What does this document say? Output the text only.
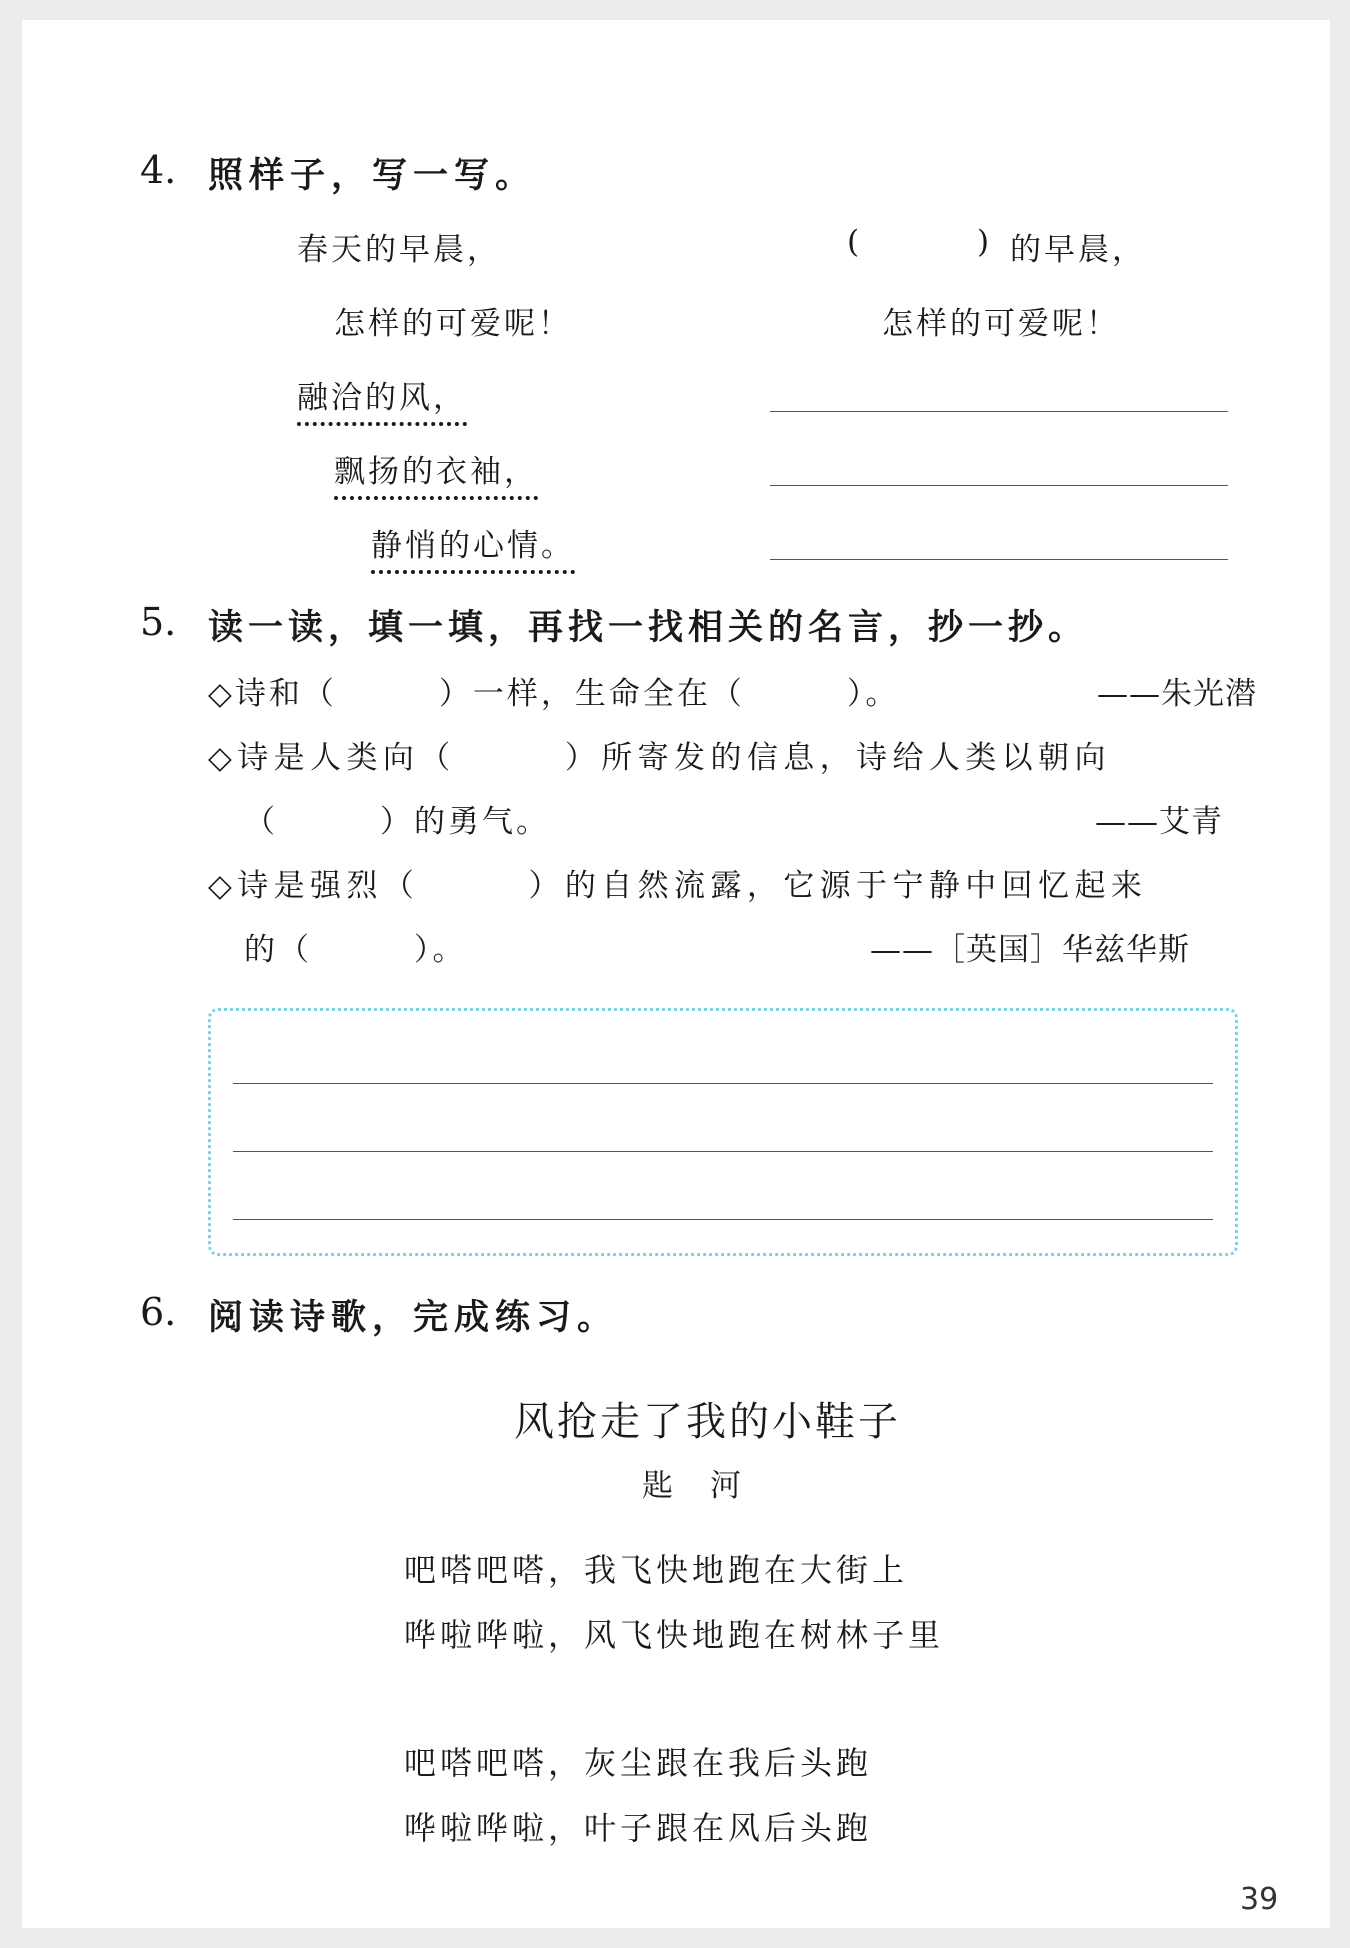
4. 照样子，写一写。
春天的早晨，
怎样的可爱呢！
融洽的风，
飘扬的衣袖，
静悄的心情。
(	) 的早晨，
怎样的可爱呢！
5. 读一读，填一填，再找一找相关的名言，抄一抄。
◇诗和（　　　）一样，生命全在（　　　）。	——朱光潜
◇诗是人类向（　　　）所寄发的信息，诗给人类以朝向
（　　　）的勇气。	——艾青
◇诗是强烈（　　　）的自然流露，它源于宁静中回忆起来
的（　　　）。	——［英国］华兹华斯
6. 阅读诗歌，完成练习。
风抢走了我的小鞋子
匙　河
吧嗒吧嗒，我飞快地跑在大街上
哗啦哗啦，风飞快地跑在树林子里
吧嗒吧嗒，灰尘跟在我后头跑
哗啦哗啦，叶子跟在风后头跑
39
